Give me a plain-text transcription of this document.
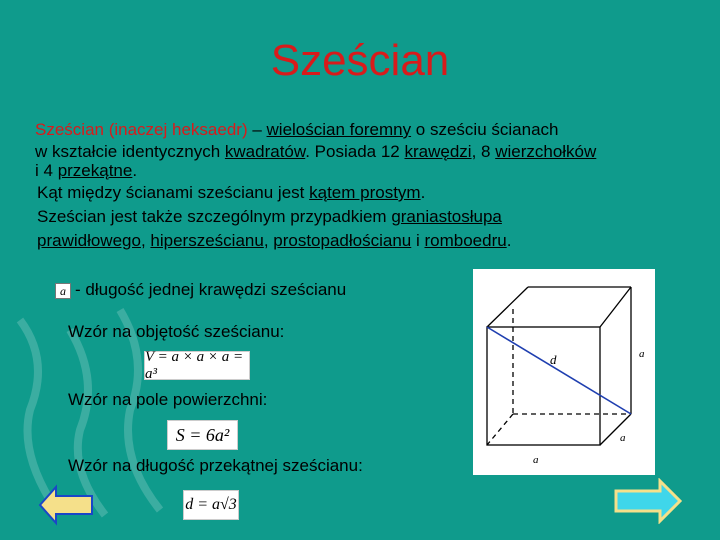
Sześcian
Sześcian (inaczej heksaedr) – wielościan foremny o sześciu ścianach
w kształcie identycznych kwadratów. Posiada 12 krawędzi, 8 wierzchołków
i 4 przekątne.
Kąt między ścianami sześcianu jest kątem prostym.
Sześcian jest także szczególnym przypadkiem graniastosłupa
prawidłowego, hipersześcianu, prostopadłościanu i romboedru.
a - długość jednej krawędzi sześcianu
Wzór na objętość sześcianu:
V = a × a × a = a³
Wzór na pole powierzchni:
S = 6a²
Wzór na długość przekątnej sześcianu:
d = a√3
d	a
a
a
